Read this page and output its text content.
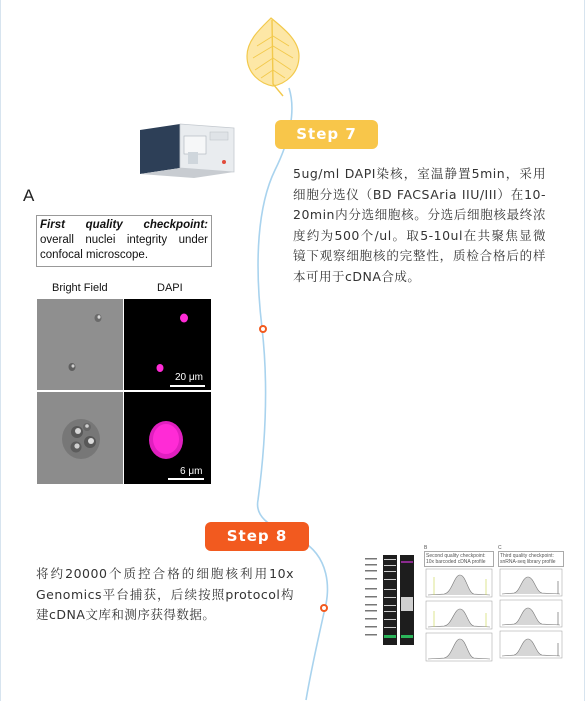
Step 7
5ug/ml DAPI染核，室温静置5min，采用细胞分选仪（BD FACSAria IIU/III）在10-20min内分选细胞核。分选后细胞核最终浓度约为500个/ul。取5-10ul在共聚焦显微镜下观察细胞核的完整性，质检合格后的样本可用于cDNA合成。
A
First quality checkpoint: overall nuclei integrity under confocal microscope.
Bright Field	DAPI
20 μm
6 μm
Step 8
将约20000个质控合格的细胞核利用10x Genomics平台捕获，后续按照protocol构建cDNA文库和测序获得数据。
B
Second quality checkpoint: 10x barcoded cDNA profile
C
Third quality checkpoint: snRNA-seq library profile
